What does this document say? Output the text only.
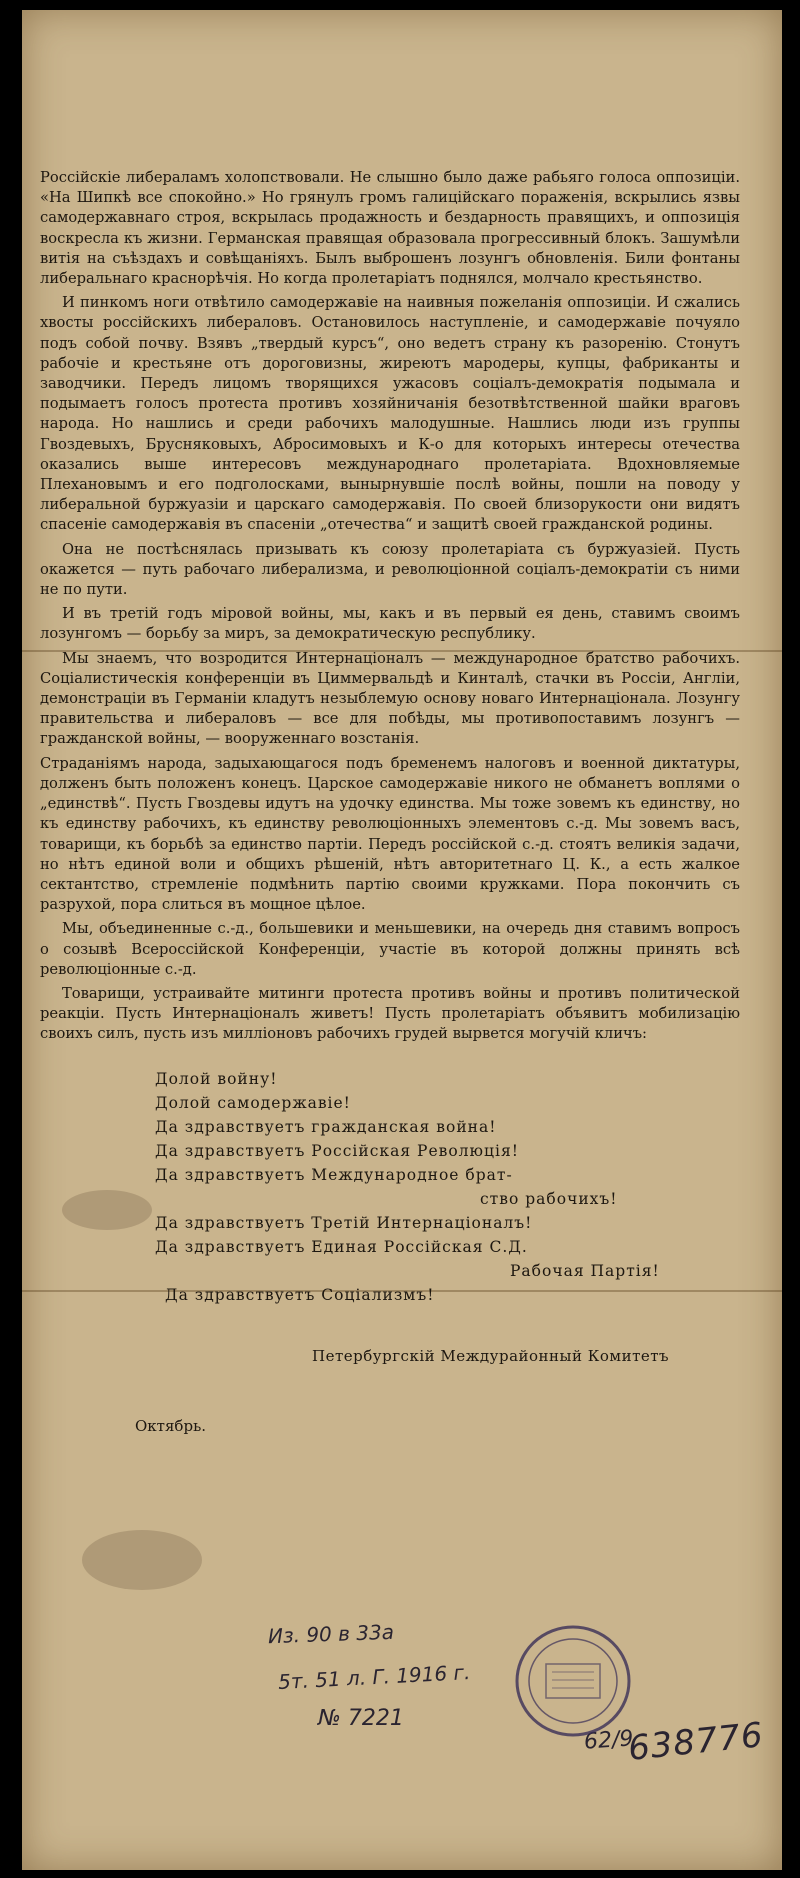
Россійскіе либераламъ холопствовали. Не слышно было даже рабьяго голоса оппозиціи. «На Шипкѣ все спокойно.» Но грянулъ громъ галиційскаго пораженія, вскрылись язвы самодержавнаго строя, вскрылась продажность и бездарность правящихъ, и оппозиція воскресла къ жизни. Германская правящая образовала прогрессивный блокъ. Зашумѣли витія на съѣздахъ и совѣщаніяхъ. Былъ выброшенъ лозунгъ обновленія. Били фонтаны либеральнаго краснорѣчія. Но когда пролетаріатъ поднялся, молчало крестьянство.

И пинкомъ ноги отвѣтило самодержавіе на наивныя пожеланія оппозиціи. И сжались хвосты россійскихъ либераловъ. Остановилось наступленіе, и самодержавіе почуяло подъ собой почву. Взявъ „твердый курсъ“, оно ведетъ страну къ разоренію. Стонутъ рабочіе и крестьяне отъ дороговизны, жиреютъ мародеры, купцы, фабриканты и заводчики. Передъ лицомъ творящихся ужасовъ соціалъ-демократія подымала и подымаетъ голосъ протеста противъ хозяйничанія безотвѣтственной шайки враговъ народа. Но нашлись и среди рабочихъ малодушные. Нашлись люди изъ группы Гвоздевыхъ, Брусняковыхъ, Абросимовыхъ и К-о для которыхъ интересы отечества оказались выше интересовъ международнаго пролетаріата. Вдохновляемые Плехановымъ и его подголосками, вынырнувшіе послѣ войны, пошли на поводу у либеральной буржуазіи и царскаго самодержавія. По своей близорукости они видятъ спасеніе самодержавія въ спасеніи „отечества“ и защитѣ своей гражданской родины.

Она не постѣснялась призывать къ союзу пролетаріата съ буржуазіей. Пусть окажется — путь рабочаго либерализма, и революціонной соціалъ-демократіи съ ними не по пути.

И въ третій годъ міровой войны, мы, какъ и въ первый ея день, ставимъ своимъ лозунгомъ — борьбу за миръ, за демократическую республику.

Мы знаемъ, что возродится Интернаціоналъ — международное братство рабочихъ. Соціалистическія конференціи въ Циммервальдѣ и Кинталѣ, стачки въ Россіи, Англіи, демонстраціи въ Германіи кладутъ незыблемую основу новаго Интернаціонала. Лозунгу правительства и либераловъ — все для побѣды, мы противопоставимъ лозунгъ — гражданской войны, — вооруженнаго возстанія.

Страданіямъ народа, задыхающагося подъ бременемъ налоговъ и военной диктатуры, долженъ быть положенъ конецъ. Царское самодержавіе никого не обманетъ воплями о „единствѣ“. Пусть Гвоздевы идутъ на удочку единства. Мы тоже зовемъ къ единству, но къ единству рабочихъ, къ единству революціонныхъ элементовъ с.-д. Мы зовемъ васъ, товарищи, къ борьбѣ за единство партіи. Передъ россійской с.-д. стоятъ великія задачи, но нѣтъ единой воли и общихъ рѣшеній, нѣтъ авторитетнаго Ц. К., а есть жалкое сектантство, стремленіе подмѣнить партію своими кружками. Пора покончить съ разрухой, пора слиться въ мощное цѣлое.

Мы, объединенные с.-д., большевики и меньшевики, на очередь дня ставимъ вопросъ о созывѣ Всероссійской Конференціи, участіе въ которой должны принять всѣ революціонные с.-д.

Товарищи, устраивайте митинги протеста противъ войны и противъ политической реакціи. Пусть Интернаціоналъ живетъ! Пусть пролетаріатъ объявитъ мобилизацію своихъ силъ, пусть изъ милліоновъ рабочихъ грудей вырвется могучій кличъ:

Долой войну!
Долой самодержавіе!
Да здравствуетъ гражданская война!
Да здравствуетъ Россійская Революція!
Да здравствуетъ Международное брат-
ство рабочихъ!
Да здравствуетъ Третій Интернаціоналъ!
Да здравствуетъ Единая Россійская С.Д.
Рабочая Партія!
Да здравствуетъ Соціализмъ!
Петербургскій Междурайонный Комитетъ
Октябрь.
Из. 90 в 33а
5т. 51 л. Г. 1916 г.
№ 7221
62/9
638776
